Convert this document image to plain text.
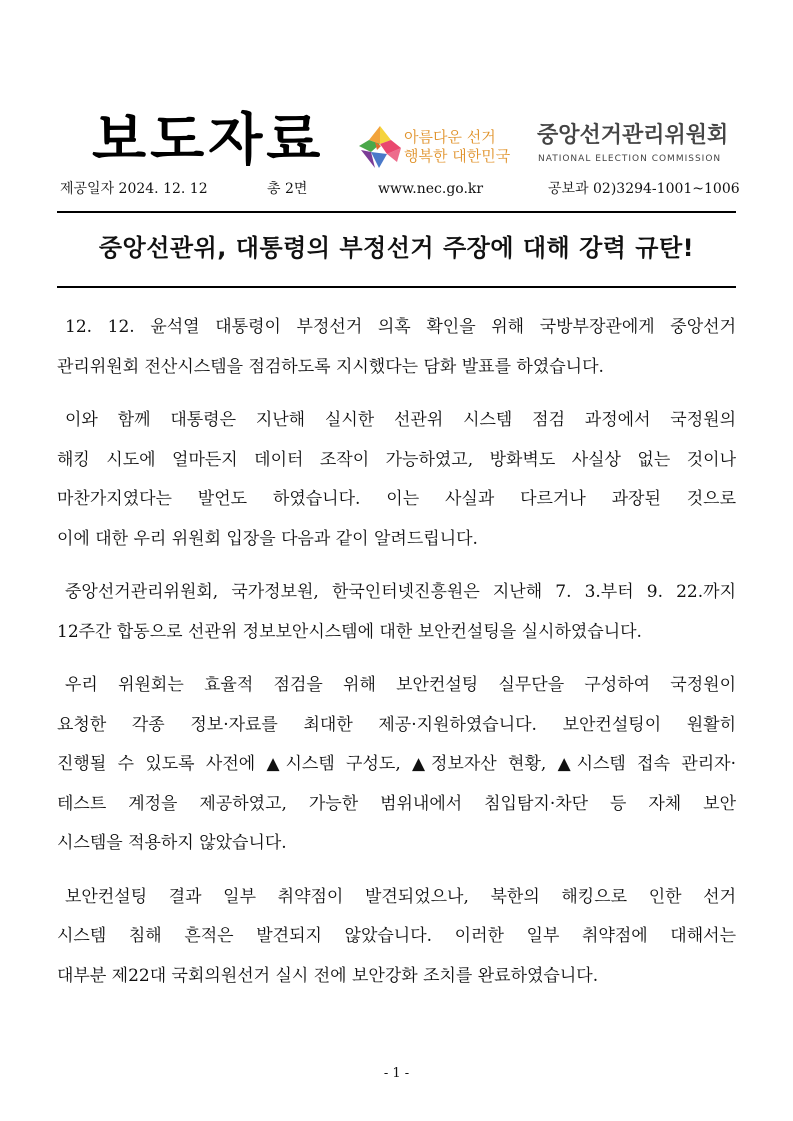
보도자료	아름다운 선거
행복한 대한민국
중앙선거관리위원회
NATIONAL ELECTION COMMISSION
제공일자 2024. 12. 12	총 2면	www.nec.go.kr	공보과 02)3294-1001~1006
중앙선관위, 대통령의 부정선거 주장에 대해 강력 규탄!
12. 12. 윤석열 대통령이 부정선거 의혹 확인을 위해 국방부장관에게 중앙선거
관리위원회 전산시스템을 점검하도록 지시했다는 담화 발표를 하였습니다.
이와 함께 대통령은 지난해 실시한 선관위 시스템 점검 과정에서 국정원의
해킹 시도에 얼마든지 데이터 조작이 가능하였고, 방화벽도 사실상 없는 것이나
마찬가지였다는 발언도 하였습니다. 이는 사실과 다르거나 과장된 것으로
이에 대한 우리 위원회 입장을 다음과 같이 알려드립니다.
중앙선거관리위원회, 국가정보원, 한국인터넷진흥원은 지난해 7. 3.부터 9. 22.까지
12주간 합동으로 선관위 정보보안시스템에 대한 보안컨설팅을 실시하였습니다.
우리 위원회는 효율적 점검을 위해 보안컨설팅 실무단을 구성하여 국정원이
요청한 각종 정보·자료를 최대한 제공·지원하였습니다. 보안컨설팅이 원활히
진행될 수 있도록 사전에 ▲시스템 구성도, ▲정보자산 현황, ▲시스템 접속 관리자·
테스트 계정을 제공하였고, 가능한 범위내에서 침입탐지·차단 등 자체 보안
시스템을 적용하지 않았습니다.
보안컨설팅 결과 일부 취약점이 발견되었으나, 북한의 해킹으로 인한 선거
시스템 침해 흔적은 발견되지 않았습니다. 이러한 일부 취약점에 대해서는
대부분 제22대 국회의원선거 실시 전에 보안강화 조치를 완료하였습니다.
- 1 -
